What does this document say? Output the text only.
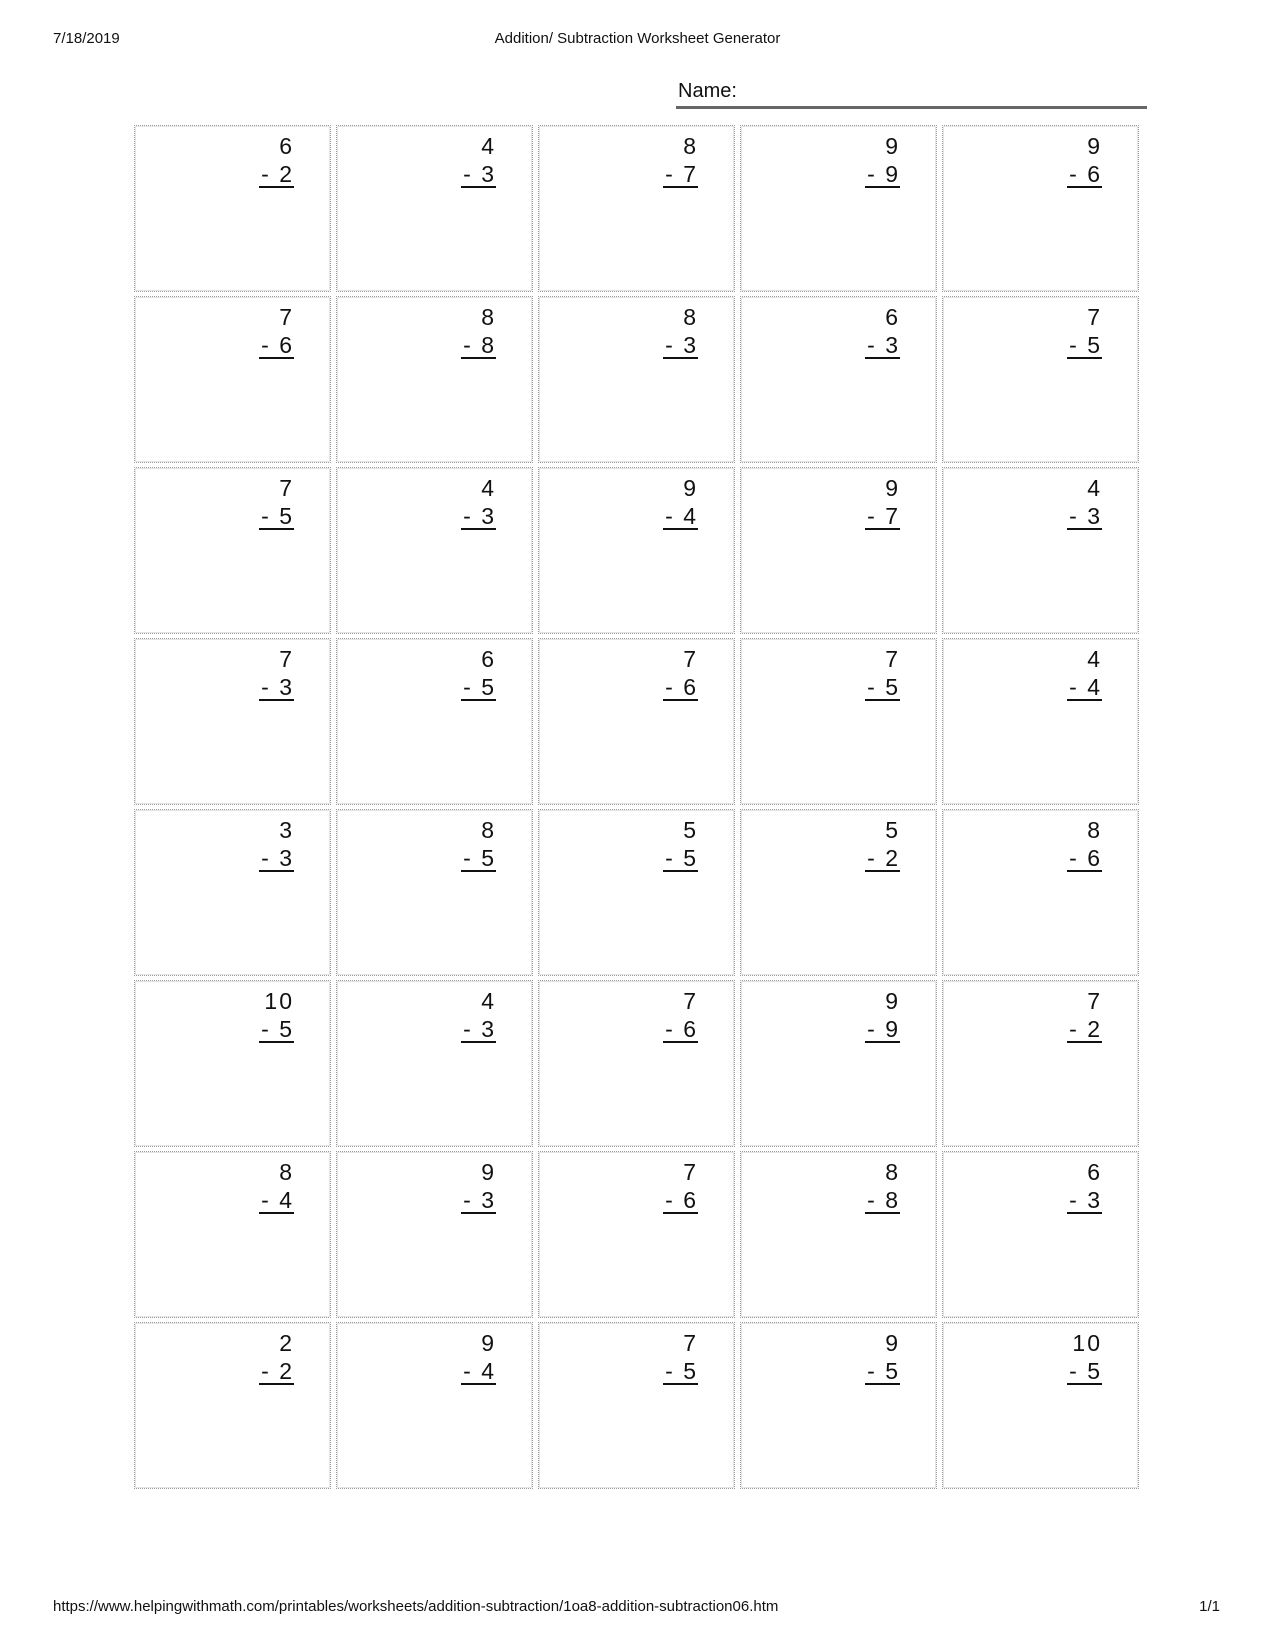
7/18/2019	Addition/ Subtraction Worksheet Generator
Name:
6
- 2
4
- 3
8
- 7
9
- 9
9
- 6
7
- 6
8
- 8
8
- 3
6
- 3
7
- 5
7
- 5
4
- 3
9
- 4
9
- 7
4
- 3
7
- 3
6
- 5
7
- 6
7
- 5
4
- 4
3
- 3
8
- 5
5
- 5
5
- 2
8
- 6
10
- 5
4
- 3
7
- 6
9
- 9
7
- 2
8
- 4
9
- 3
7
- 6
8
- 8
6
- 3
2
- 2
9
- 4
7
- 5
9
- 5
10
- 5
https://www.helpingwithmath.com/printables/worksheets/addition-subtraction/1oa8-addition-subtraction06.htm	1/1
